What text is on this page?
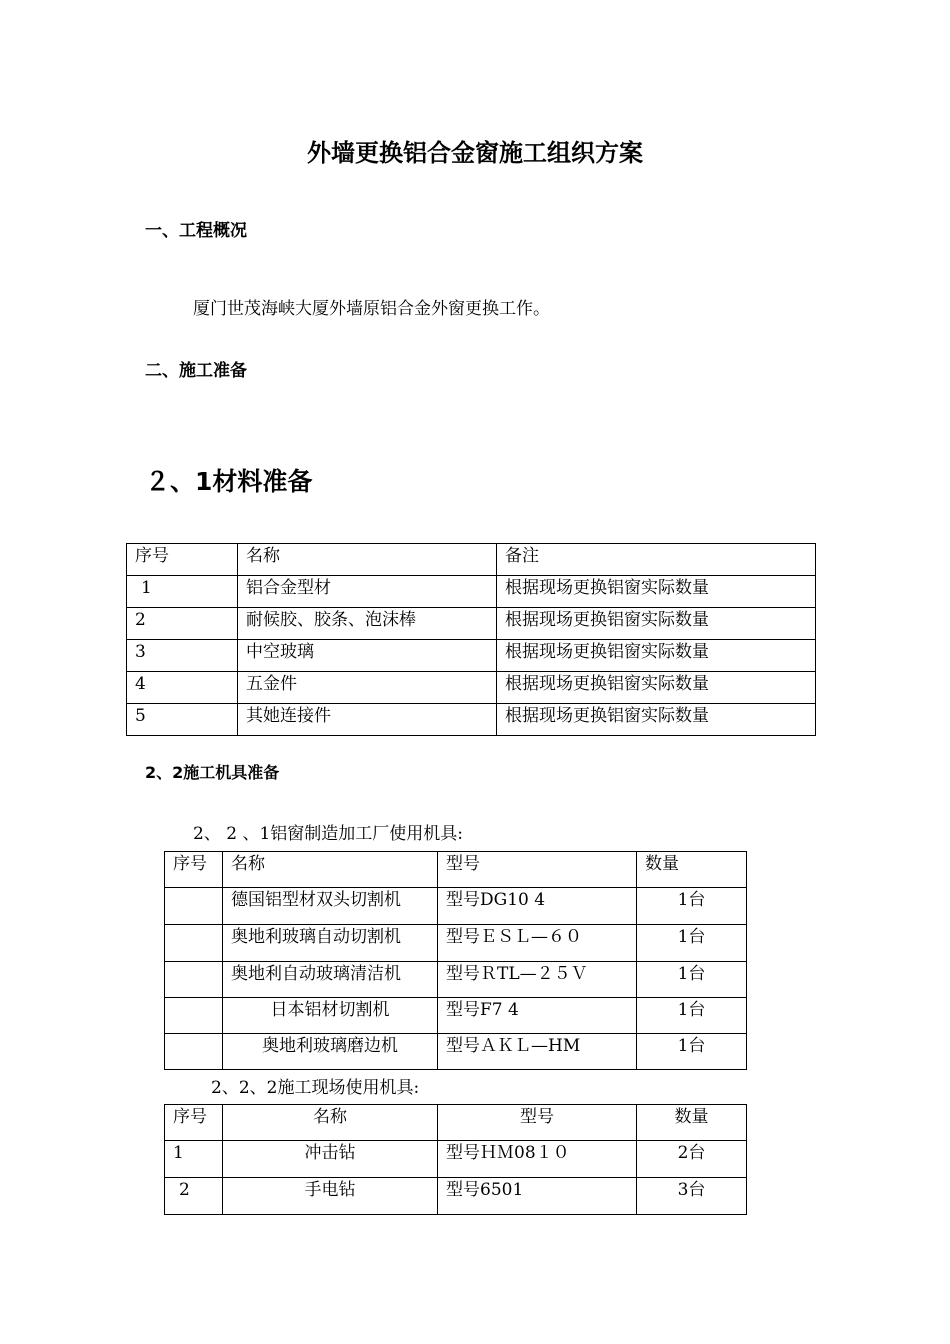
外墙更换铝合金窗施工组织方案
一、工程概况
厦门世茂海峡大厦外墙原铝合金外窗更换工作。
二、施工准备
２、1材料准备
序号	名称	备注
1	铝合金型材	根据现场更换铝窗实际数量
2	耐候胶、胶条、泡沫棒	根据现场更换铝窗实际数量
3	中空玻璃	根据现场更换铝窗实际数量
4	五金件	根据现场更换铝窗实际数量
5	其她连接件	根据现场更换铝窗实际数量
2、2施工机具准备
2、 2 、1铝窗制造加工厂使用机具:
序号	名称	型号	数量
	德国铝型材双头切割机	型号DG10 4	1台
	奥地利玻璃自动切割机	型号ＥＳＬ—６０	1台
	奥地利自动玻璃清洁机	型号ＲTL—２５Ｖ	1台
	日本铝材切割机	型号F7 4	1台
	奥地利玻璃磨边机	型号ＡＫＬ—HM	1台
2、2、2施工现场使用机具:
序号	名称	型号	数量
1	冲击钻	型号ＨＭ08１０	2台
2	手电钻	型号6501	3台
